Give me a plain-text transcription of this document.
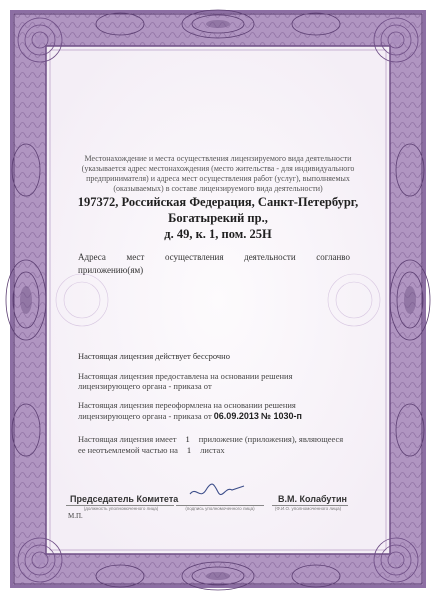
Местонахождение и места осуществления лицензируемого вида деятельности (указывается адрес местонахождения (место жительства - для индивидуального предпринимателя) и адреса мест осуществления работ (услуг), выполняемых (оказываемых) в составе лицензируемого вида деятельности)

197372, Российская Федерация, Санкт-Петербург, Богатырекий пр.,
д. 49, к. 1, пом. 25Н
Адреса мест осуществления деятельности согланво
приложению(ям)

Настоящая лицензия действует бессрочно

Настоящая лицензия предоставлена на основании решения
лицензирующего органа - приказа от
Настоящая лицензия переоформлена на основании решения
лицензирующего органа - приказа от 06.09.2013 № 1030-п
Настоящая лицензия имеет 1 приложение (приложения), являющееся
ее неотъемлемой частью на 1 листах
Председатель Комитета	В.М. Колабутин
(должность уполномоченного лица)	(подпись уполномоченного лица)	(Ф.И.О. уполномоченного лица)
М.П.
